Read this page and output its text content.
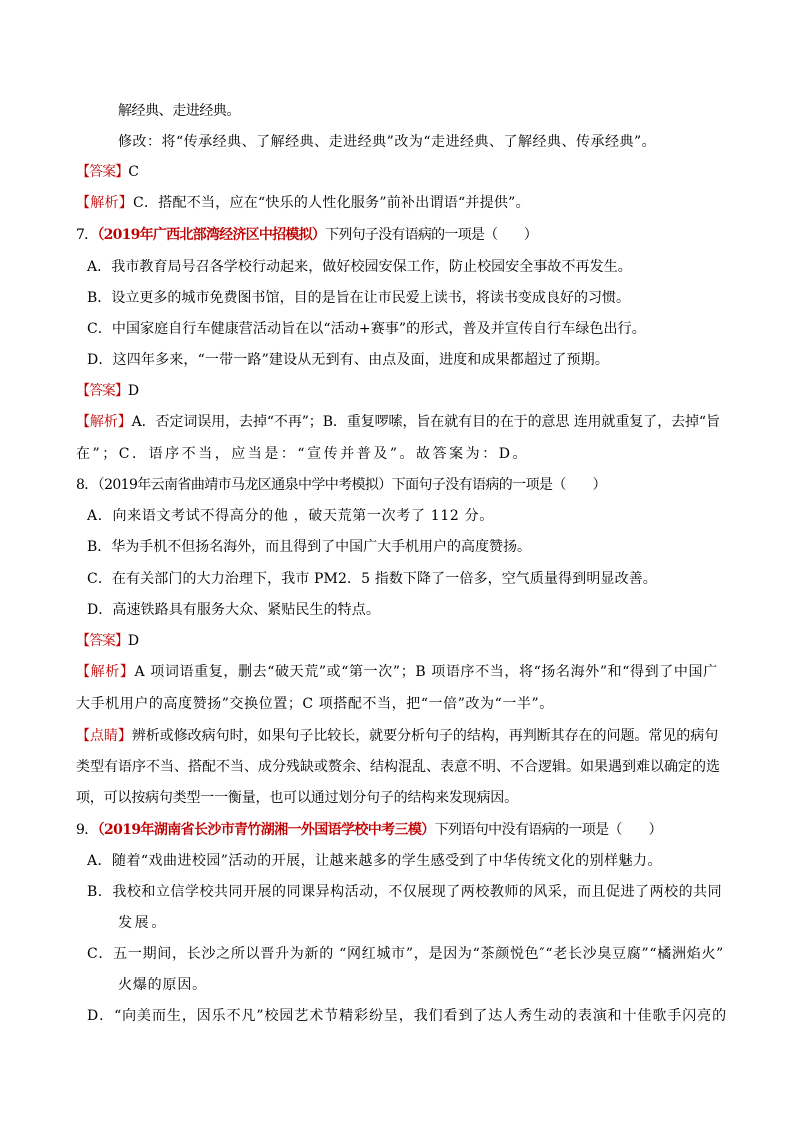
解经典、走进经典。
修改：将“传承经典、了解经典、走进经典”改为“走进经典、了解经典、传承经典”。
【答案】C
【解析】C．搭配不当，应在“快乐的人性化服务”前补出谓语“并提供”。
7．（2019年广西北部湾经济区中招模拟）下列句子没有语病的一项是（　　）
A．我市教育局号召各学校行动起来，做好校园安保工作，防止校园安全事故不再发生。
B．设立更多的城市免费图书馆，目的是旨在让市民爱上读书，将读书变成良好的习惯。
C．中国家庭自行车健康营活动旨在以“活动+赛事”的形式，普及并宣传自行车绿色出行。
D．这四年多来，“一带一路”建设从无到有、由点及面，进度和成果都超过了预期。
【答案】D
【解析】A．否定词误用，去掉“不再”；B．重复啰嗦，旨在就有目的在于的意思 连用就重复了，去掉“旨
在”；C．语序不当，应当是：“宣传并普及”。故答案为：D。
8．（2019年云南省曲靖市马龙区通泉中学中考模拟）下面句子没有语病的一项是（　　）
A．向来语文考试不得高分的他 ，破天荒第一次考了 112 分。
B．华为手机不但扬名海外，而且得到了中国广大手机用户的高度赞扬。
C．在有关部门的大力治理下，我市 PM2．5 指数下降了一倍多，空气质量得到明显改善。
D．高速铁路具有服务大众、紧贴民生的特点。
【答案】D
【解析】A 项词语重复，删去“破天荒”或“第一次”；B 项语序不当，将“扬名海外”和“得到了中国广
大手机用户的高度赞扬”交换位置；C 项搭配不当，把“一倍”改为“一半”。
【点睛】辨析或修改病句时，如果句子比较长，就要分析句子的结构，再判断其存在的问题。常见的病句
类型有语序不当、搭配不当、成分残缺或赘余、结构混乱、表意不明、不合逻辑。如果遇到难以确定的选
项，可以按病句类型一一衡量，也可以通过划分句子的结构来发现病因。
9．（2019年湖南省长沙市青竹湖湘一外国语学校中考三模）下列语句中没有语病的一项是（　　）
A．随着“戏曲进校园”活动的开展，让越来越多的学生感受到了中华传统文化的别样魅力。
B．我校和立信学校共同开展的同课异构活动，不仅展现了两校教师的风采，而且促进了两校的共同
发展。
C．五一期间，长沙之所以晋升为新的 “网红城市”，是因为“茶颜悦色″“老长沙臭豆腐”“橘洲焰火”
火爆的原因。
D．“向美而生，因乐不凡”校园艺术节精彩纷呈，我们看到了达人秀生动的表演和十佳歌手闪亮的
